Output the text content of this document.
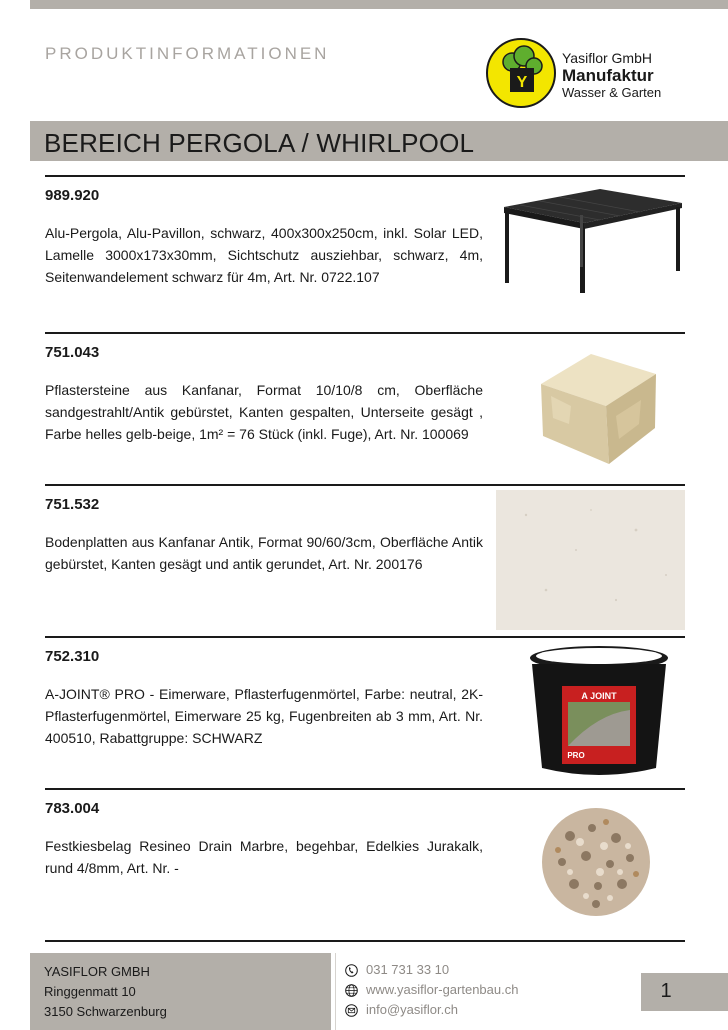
PRODUKTINFORMATIONEN
Y
Yasiflor GmbH
Manufaktur
Wasser & Garten
BEREICH PERGOLA / WHIRLPOOL
989.920
Alu-Pergola, Alu-Pavillon, schwarz, 400x300x250cm, inkl. Solar LED, Lamelle 3000x173x30mm, Sichtschutz ausziehbar, schwarz, 4m, Seitenwandelement schwarz für 4m, Art. Nr. 0722.107
751.043
Pflastersteine aus Kanfanar, Format 10/10/8 cm, Oberfläche sandgestrahlt/Antik gebürstet, Kanten gespalten, Unterseite gesägt , Farbe helles gelb-beige, 1m² = 76 Stück (inkl. Fuge), Art. Nr. 100069
751.532
Bodenplatten aus Kanfanar Antik, Format 90/60/3cm, Oberfläche Antik gebürstet, Kanten gesägt und antik gerundet, Art. Nr. 200176
752.310
A-JOINT® PRO - Eimerware, Pflasterfugenmörtel, Farbe: neutral, 2K-Pflasterfugenmörtel, Eimerware 25 kg, Fugenbreiten ab 3 mm, Art. Nr. 400510, Rabattgruppe: SCHWARZ
A JOINT
PRO
783.004
Festkiesbelag Resineo Drain Marbre, begehbar, Edelkies Jurakalk, rund 4/8mm, Art. Nr. -
YASIFLOR GMBH
Ringgenmatt 10
3150 Schwarzenburg
031 731 33 10
www.yasiflor-gartenbau.ch
info@yasiflor.ch
1
